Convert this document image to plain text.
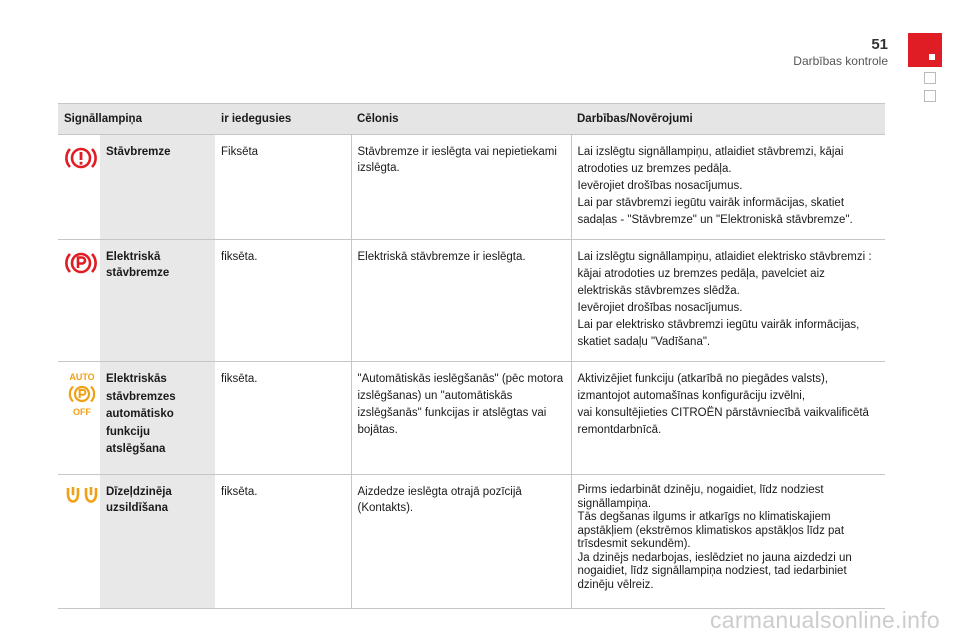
51
Darbības kontrole
Signāllampiņa		ir iedegusies	Cēlonis	Darbības/Novērojumi

Stāvbremze	Fiksēta	Stāvbremze ir ieslēgta vai nepietiekami izslēgta.	Lai izslēgtu signāllampiņu, atlaidiet stāvbremzi, kājai atrodoties uz bremzes pedāļa.
Ievērojiet drošības nosacījumus.
Lai par stāvbremzi iegūtu vairāk informācijas, skatiet sadaļas - "Stāvbremze" un "Elektroniskā stāvbremze".

Elektriskā
stāvbremze	fiksēta.	Elektriskā stāvbremze ir ieslēgta.	Lai izslēgtu signāllampiņu, atlaidiet elektrisko stāvbremzi : kājai atrodoties uz bremzes pedāļa, pavelciet aiz elektriskās stāvbremzes slēdža.
Ievērojiet drošības nosacījumus.
Lai par elektrisko stāvbremzi iegūtu vairāk informācijas, skatiet sadaļu "Vadīšana".

AUTO
OFF	Elektriskās
stāvbremzes
automātisko
funkciju
atslēgšana	fiksēta.	"Automātiskās ieslēgšanās" (pēc motora izslēgšanas) un "automātiskās izslēgšanās" funkcijas ir atslēgtas vai bojātas.	Aktivizējiet funkciju (atkarībā no piegādes valsts), izmantojot automašīnas konfigurāciju izvēlni,
vai konsultējieties CITROËN pārstāvniecībā vaikvalificētā remontdarbnīcā.

Dīzeļdzinēja
uzsildīšana	fiksēta.	Aizdedze ieslēgta otrajā pozīcijā (Kontakts).	Pirms iedarbināt dzinēju, nogaidiet, līdz nodziest signāllampiņa.
Tās degšanas ilgums ir atkarīgs no klimatiskajiem apstākļiem (ekstrēmos klimatiskos apstākļos līdz pat trīsdesmit sekundēm).
Ja dzinējs nedarbojas, ieslēdziet no jauna aizdedzi un nogaidiet, līdz signāllampiņa nodziest, tad iedarbiniet dzinēju vēlreiz.
carmanualsonline.info
